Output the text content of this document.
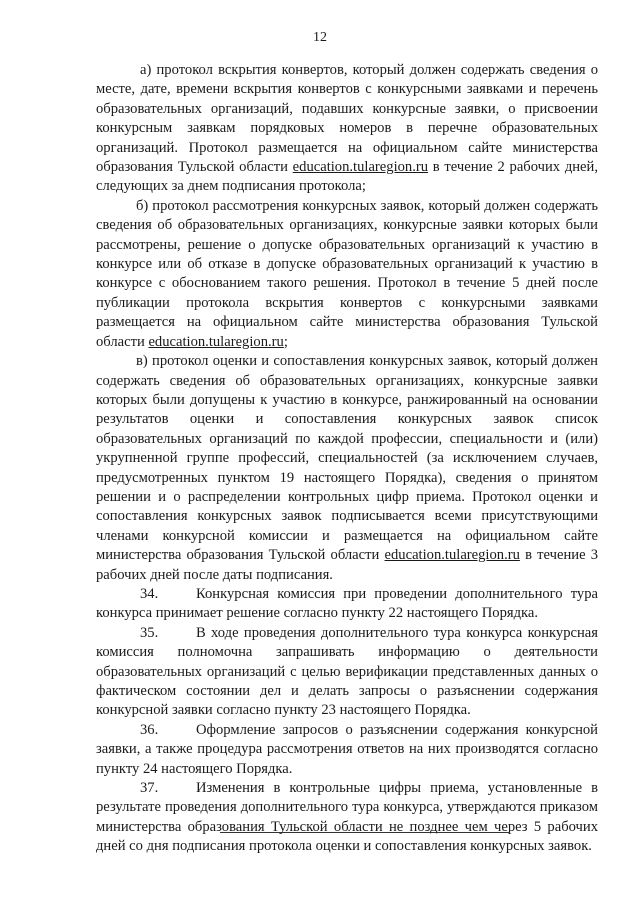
12

а) протокол вскрытия конвертов, который должен содержать сведения о месте, дате, времени вскрытия конвертов с конкурсными заявками и перечень образовательных организаций, подавших конкурсные заявки, о присвоении конкурсным заявкам порядковых номеров в перечне образовательных организаций. Протокол размещается на официальном сайте министерства образования Тульской области education.tularegion.ru в течение 2 рабочих дней, следующих за днем подписания протокола;

б) протокол рассмотрения конкурсных заявок, который должен содержать сведения об образовательных организациях, конкурсные заявки которых были рассмотрены, решение о допуске образовательных организаций к участию в конкурсе или об отказе в допуске образовательных организаций к участию в конкурсе с обоснованием такого решения. Протокол в течение 5 дней после публикации протокола вскрытия конвертов с конкурсными заявками размещается на официальном сайте министерства образования Тульской области education.tularegion.ru;

в) протокол оценки и сопоставления конкурсных заявок, который должен содержать сведения об образовательных организациях, конкурсные заявки которых были допущены к участию в конкурсе, ранжированный на основании результатов оценки и сопоставления конкурсных заявок список образовательных организаций по каждой профессии, специальности и (или) укрупненной группе профессий, специальностей (за исключением случаев, предусмотренных пунктом 19 настоящего Порядка), сведения о принятом решении и о распределении контрольных цифр приема. Протокол оценки и сопоставления конкурсных заявок подписывается всеми присутствующими членами конкурсной комиссии и размещается на официальном сайте министерства образования Тульской области education.tularegion.ru в течение 3 рабочих дней после даты подписания.

34.	Конкурсная комиссия при проведении дополнительного тура конкурса принимает решение согласно пункту 22 настоящего Порядка.

35.	В ходе проведения дополнительного тура конкурса конкурсная комиссия полномочна запрашивать информацию о деятельности образовательных организаций с целью верификации представленных данных о фактическом состоянии дел и делать запросы о разъяснении содержания конкурсной заявки согласно пункту 23 настоящего Порядка.

36.	Оформление запросов о разъяснении содержания конкурсной заявки, а также процедура рассмотрения ответов на них производятся согласно пункту 24 настоящего Порядка.

37.	Изменения в контрольные цифры приема, установленные в результате проведения дополнительного тура конкурса, утверждаются приказом министерства образования Тульской области не позднее чем через 5 рабочих дней со дня подписания протокола оценки и сопоставления конкурсных заявок.
